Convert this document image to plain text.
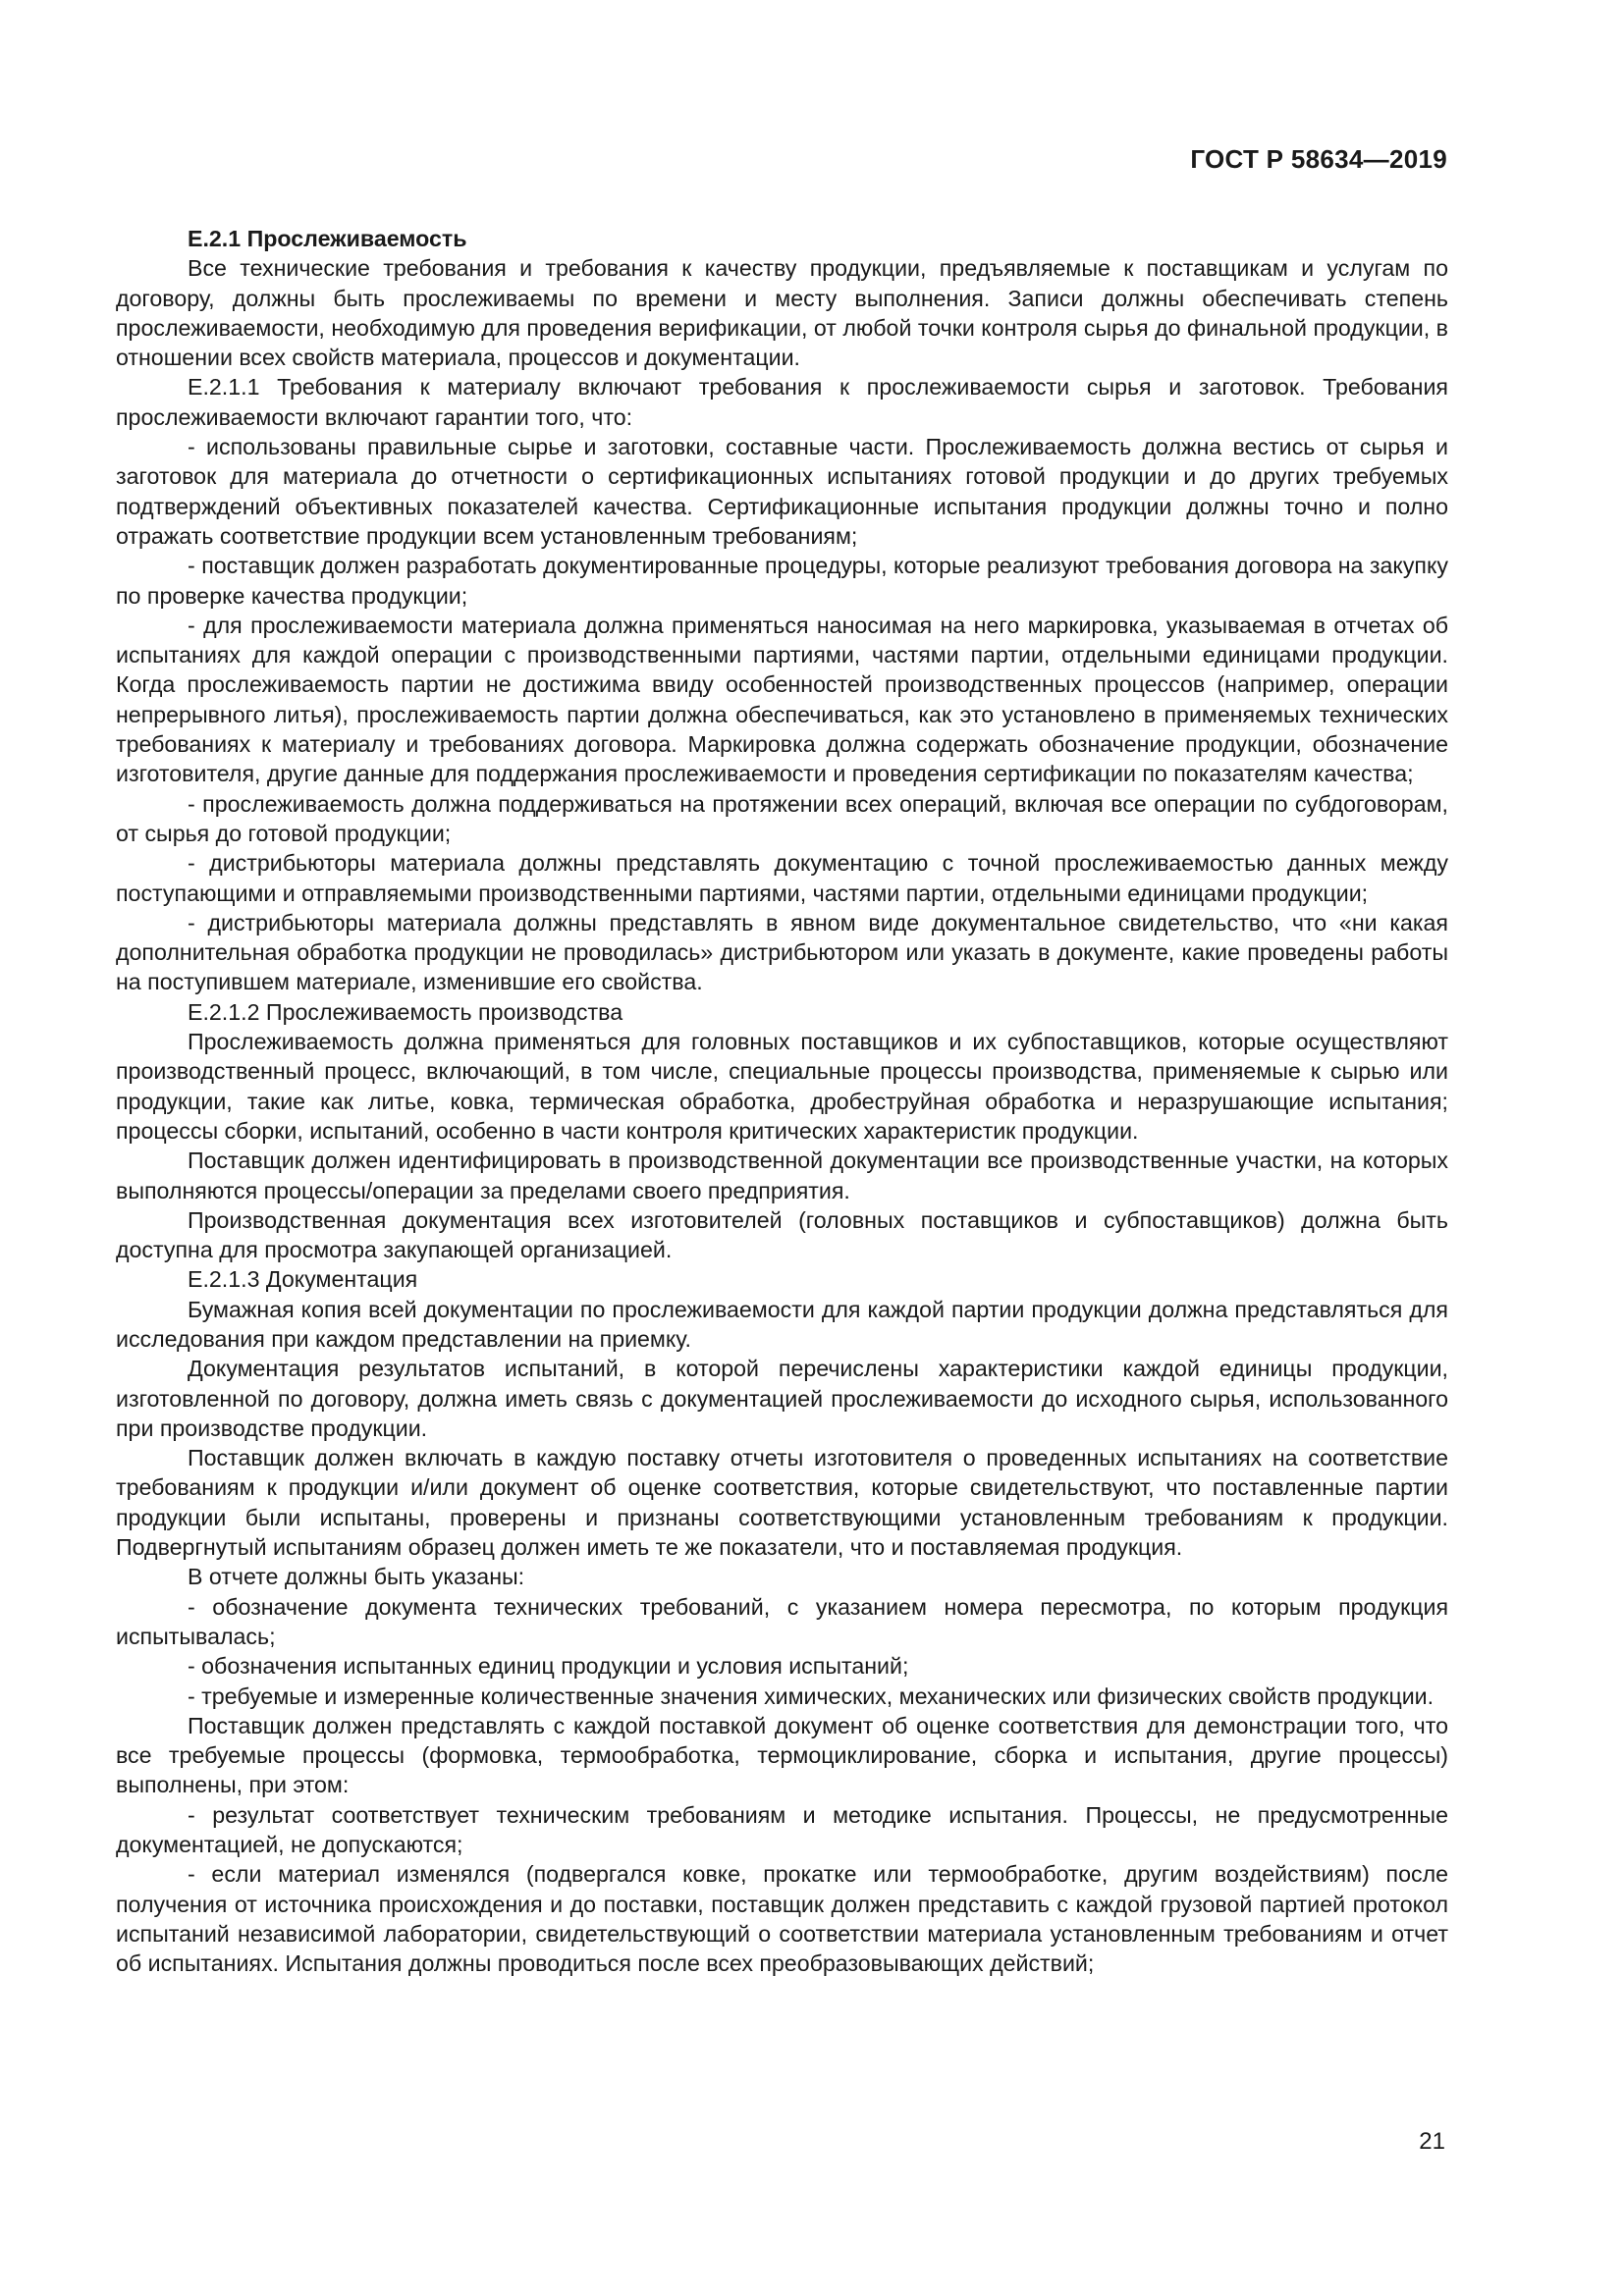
ГОСТ Р 58634—2019

Е.2.1 Прослеживаемость

Все технические требования и требования к качеству продукции, предъявляемые к поставщикам и услугам по договору, должны быть прослеживаемы по времени и месту выполнения. Записи должны обеспечивать степень прослеживаемости, необходимую для проведения верификации, от любой точки контроля сырья до финальной продукции, в отношении всех свойств материала, процессов и документации.

Е.2.1.1 Требования к материалу включают требования к прослеживаемости сырья и заготовок. Требования прослеживаемости включают гарантии того, что:

- использованы правильные сырье и заготовки, составные части. Прослеживаемость должна вестись от сырья и заготовок для материала до отчетности о сертификационных испытаниях готовой продукции и до других требуемых подтверждений объективных показателей качества. Сертификационные испытания продукции должны точно и полно отражать соответствие продукции всем установленным требованиям;

- поставщик должен разработать документированные процедуры, которые реализуют требования договора на закупку по проверке качества продукции;

- для прослеживаемости материала должна применяться наносимая на него маркировка, указываемая в отчетах об испытаниях для каждой операции с производственными партиями, частями партии, отдельными единицами продукции. Когда прослеживаемость партии не достижима ввиду особенностей производственных процессов (например, операции непрерывного литья), прослеживаемость партии должна обеспечиваться, как это установлено в применяемых технических требованиях к материалу и требованиях договора. Маркировка должна содержать обозначение продукции, обозначение изготовителя, другие данные для поддержания прослеживаемости и проведения сертификации по показателям качества;

- прослеживаемость должна поддерживаться на протяжении всех операций, включая все операции по субдоговорам, от сырья до готовой продукции;

- дистрибьюторы материала должны представлять документацию с точной прослеживаемостью данных между поступающими и отправляемыми производственными партиями, частями партии, отдельными единицами продукции;

- дистрибьюторы материала должны представлять в явном виде документальное свидетельство, что «ни какая дополнительная обработка продукции не проводилась» дистрибьютором или указать в документе, какие проведены работы на поступившем материале, изменившие его свойства.

Е.2.1.2 Прослеживаемость производства

Прослеживаемость должна применяться для головных поставщиков и их субпоставщиков, которые осуществляют производственный процесс, включающий, в том числе, специальные процессы производства, применяемые к сырью или продукции, такие как литье, ковка, термическая обработка, дробеструйная обработка и неразрушающие испытания; процессы сборки, испытаний, особенно в части контроля критических характеристик продукции.

Поставщик должен идентифицировать в производственной документации все производственные участки, на которых выполняются процессы/операции за пределами своего предприятия.

Производственная документация всех изготовителей (головных поставщиков и субпоставщиков) должна быть доступна для просмотра закупающей организацией.

Е.2.1.3 Документация

Бумажная копия всей документации по прослеживаемости для каждой партии продукции должна представляться для исследования при каждом представлении на приемку.

Документация результатов испытаний, в которой перечислены характеристики каждой единицы продукции, изготовленной по договору, должна иметь связь с документацией прослеживаемости до исходного сырья, использованного при производстве продукции.

Поставщик должен включать в каждую поставку отчеты изготовителя о проведенных испытаниях на соответствие требованиям к продукции и/или документ об оценке соответствия, которые свидетельствуют, что поставленные партии продукции были испытаны, проверены и признаны соответствующими установленным требованиям к продукции. Подвергнутый испытаниям образец должен иметь те же показатели, что и поставляемая продукция.

В отчете должны быть указаны:

- обозначение документа технических требований, с указанием номера пересмотра, по которым продукция испытывалась;

- обозначения испытанных единиц продукции и условия испытаний;

- требуемые и измеренные количественные значения химических, механических или физических свойств продукции.

Поставщик должен представлять с каждой поставкой документ об оценке соответствия для демонстрации того, что все требуемые процессы (формовка, термообработка, термоциклирование, сборка и испытания, другие процессы) выполнены, при этом:

- результат соответствует техническим требованиям и методике испытания. Процессы, не предусмотренные документацией, не допускаются;

- если материал изменялся (подвергался ковке, прокатке или термообработке, другим воздействиям) после получения от источника происхождения и до поставки, поставщик должен представить с каждой грузовой партией протокол испытаний независимой лаборатории, свидетельствующий о соответствии материала установленным требованиям и отчет об испытаниях. Испытания должны проводиться после всех преобразовывающих действий;

21
